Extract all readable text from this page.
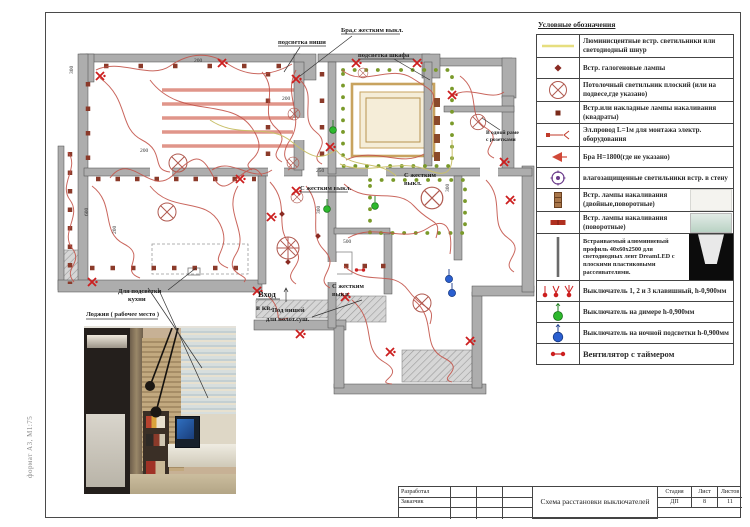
формат А3, М1:75
Бра,с жестким выкл.
подсветка ниши
подсветка шкафа
В одной раме
с розетками
С жестким выкл.
С жестким
выкл.
С жестким
выкл.
Для подсветки
кухни
Вход
в кв. Под нишей
для полот.суш.
Лоджия ( рабочее место )
300
200
200
250
300
600
200
300
500
200
Условные обозначения
Люминисцентные встр. светильники или светодиодный шнур
Встр. галогеновые лампы
Потолочный светильник плоский (или на подвесе,где указано)
Встр.или накладные лампы накаливания (квадраты)
Эл.провод L=1м для монтажа электр. оборудования
Бра Н=1800(где не указано)
влагозащищенные светильники встр. в стену
Встр. лампы накаливания (двойные,поворотные)
Встр. лампы накаливания (поворотные)
Встраиваемый алюминиевый профиль 40х60х2500 для светодиодных лент DreamLED с плоскими пластиковыми рассеивателями.
Выключатель 1, 2 и 3 клавишный, h-0,900мм
Выключатель на димере h-0,900мм
Выключатель на ночной подсветки h-0,900мм
Вентилятор с таймером
Разработал
Схема расстановки выключателей
Стадия	Лист	Листов
Заказчик	ДП	8	11
